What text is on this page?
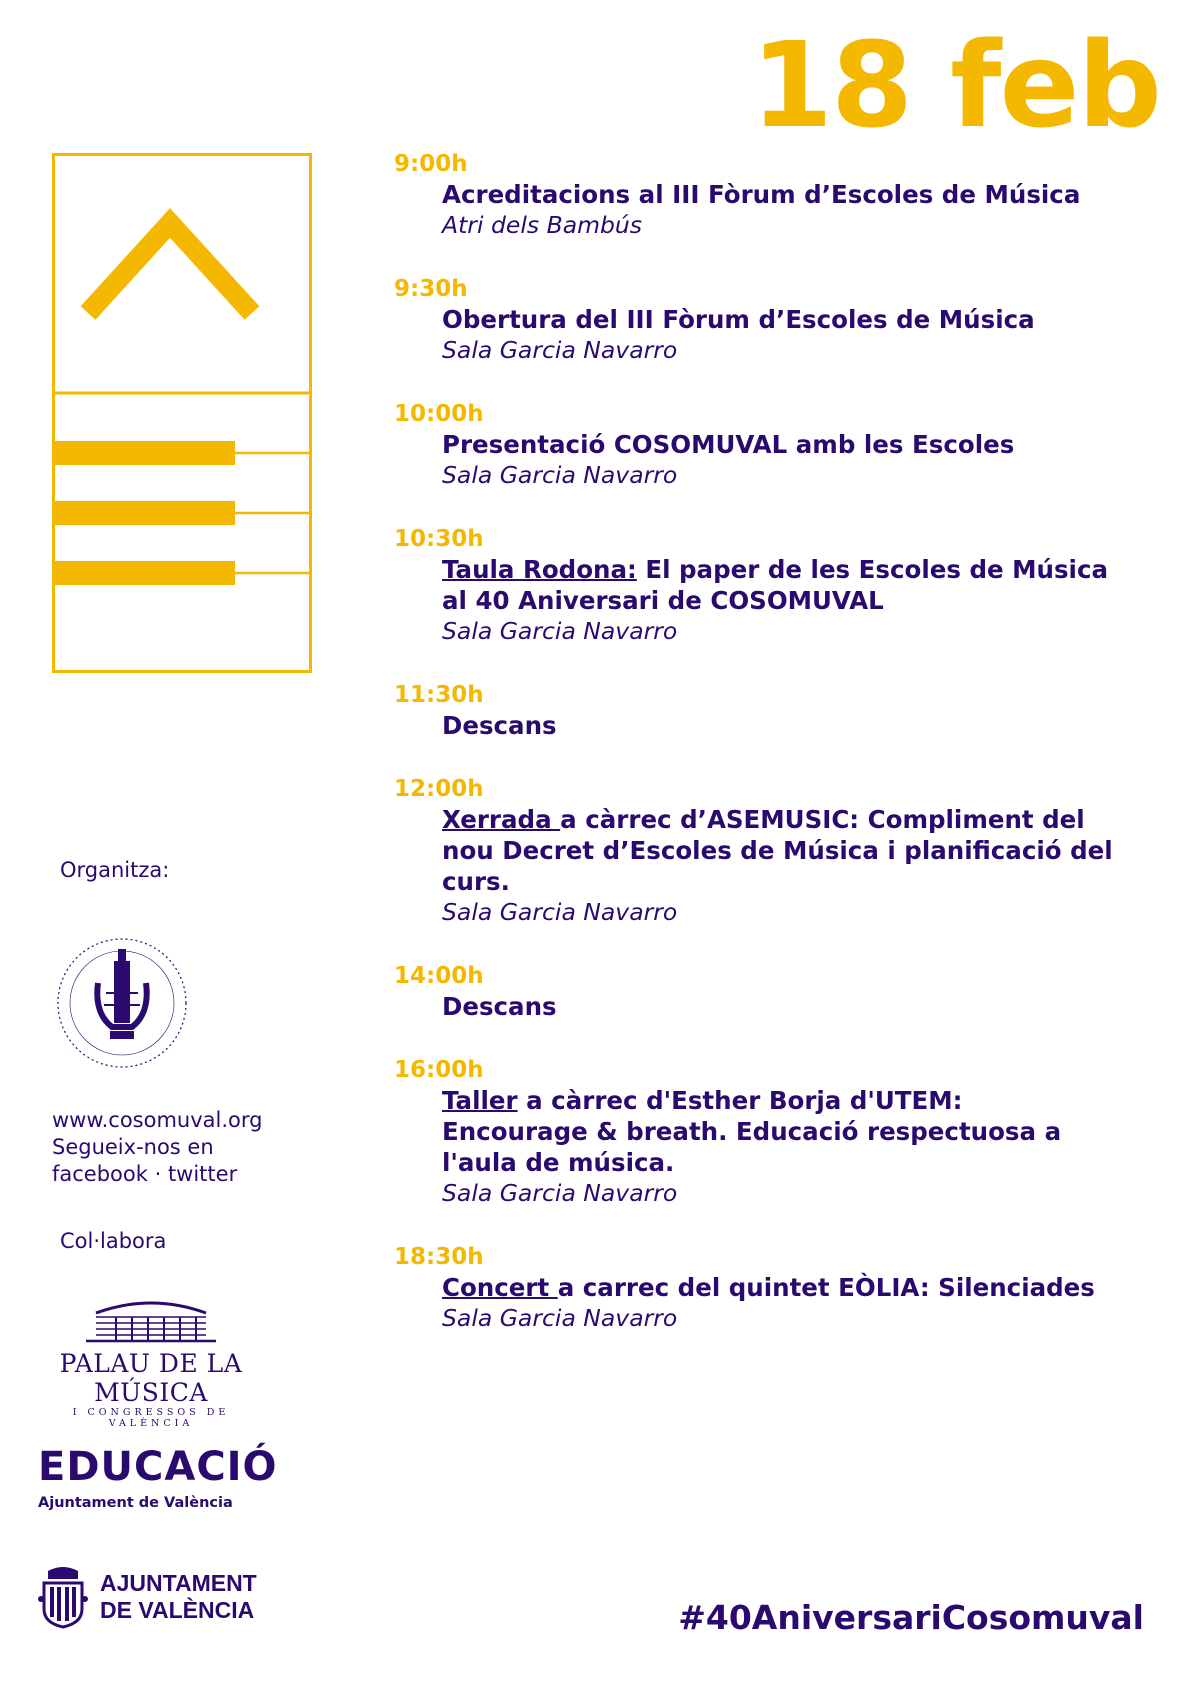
18 feb
9:00h
Acreditacions al III Fòrum d’Escoles de Música
Atri dels Bambús
9:30h
Obertura del III Fòrum d’Escoles de Música
Sala Garcia Navarro
10:00h
Presentació COSOMUVAL amb les Escoles
Sala Garcia Navarro
10:30h
Taula Rodona: El paper de les Escoles de Música al 40 Aniversari de COSOMUVAL
Sala Garcia Navarro
11:30h
Descans
12:00h
Xerrada a càrrec d’ASEMUSIC: Compliment del nou Decret d’Escoles de Música i planificació del curs.
Sala Garcia Navarro
14:00h
Descans
16:00h
Taller a càrrec d'Esther Borja d'UTEM: Encourage & breath. Educació respectuosa a l'aula de música.
Sala Garcia Navarro
18:30h
Concert a carrec del quintet EÒLIA: Silenciades
Sala Garcia Navarro
Organitza:
www.cosomuval.org
Segueix-nos en
facebook · twitter
Col·labora
PALAU DE LA MÚSICA
I CONGRESSOS DE VALÈNCIA
EDUCACIÓ
Ajuntament de València
AJUNTAMENT
DE VALÈNCIA	#40AniversariCosomuval
